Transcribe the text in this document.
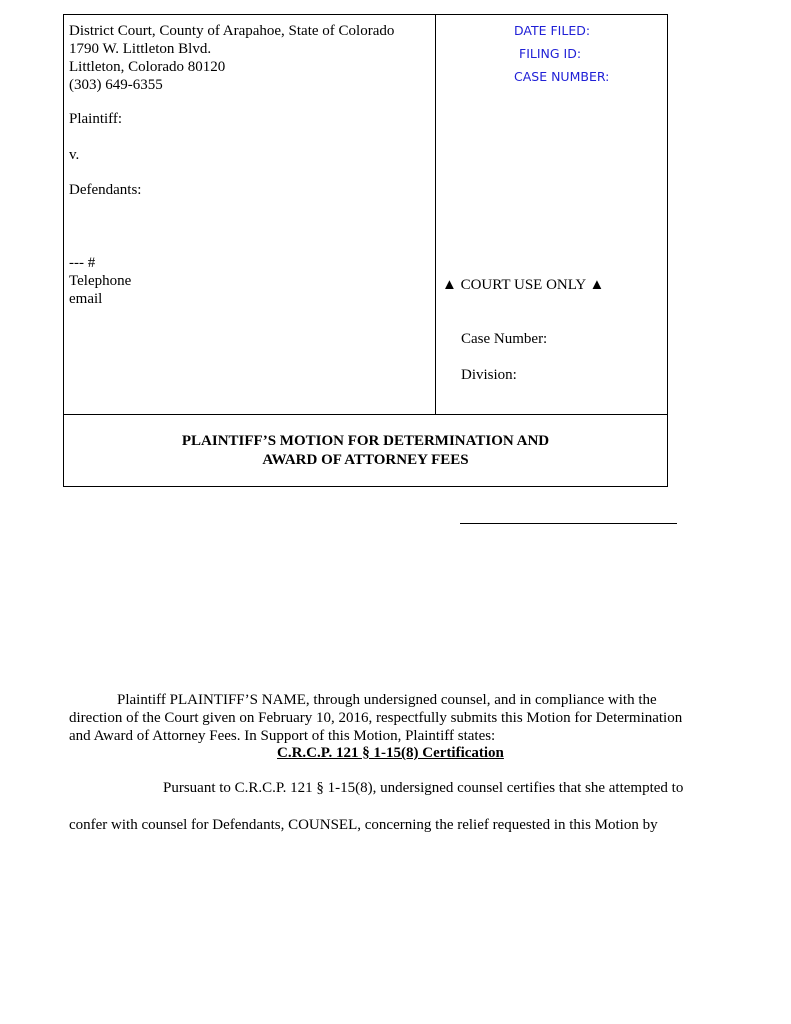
District Court, County of Arapahoe, State of Colorado
1790 W. Littleton Blvd.
Littleton, Colorado 80120
(303) 649-6355
Plaintiff:
v.
Defendants:
--- #
Telephone
email
DATE FILED:
FILING ID:
CASE NUMBER:
▲ COURT USE ONLY ▲
Case Number:
Division:
PLAINTIFF’S MOTION FOR DETERMINATION AND
AWARD OF ATTORNEY FEES
Plaintiff PLAINTIFF’S NAME, through undersigned counsel, and in compliance with the
direction of the Court given on February 10, 2016, respectfully submits this Motion for Determination
and Award of Attorney Fees. In Support of this Motion, Plaintiff states:
C.R.C.P. 121 § 1-15(8) Certification
Pursuant to C.R.C.P. 121 § 1-15(8), undersigned counsel certifies that she attempted to
confer with counsel for Defendants, COUNSEL, concerning the relief requested in this Motion by
